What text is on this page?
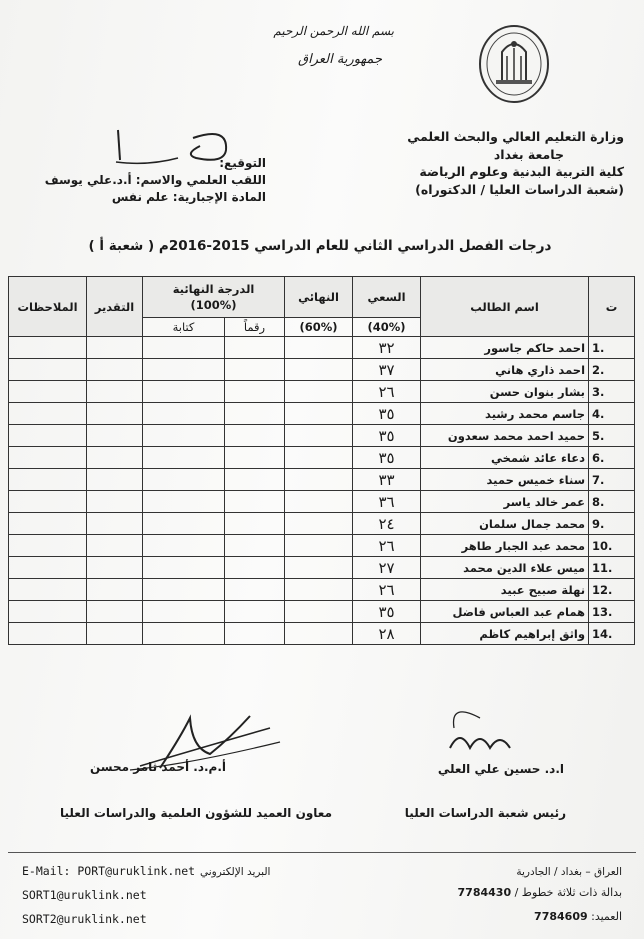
بسم الله الرحمن الرحيم
جمهورية العراق
وزارة التعليم العالي والبحث العلمي
جامعة بغداد
كلية التربية البدنية وعلوم الرياضة
(شعبة الدراسات العليا / الدكتوراه)
التوقيع:
اللقب العلمي والاسم: أ.د.علي يوسف
المادة الإجبارية: علم نفس
درجات الفصل الدراسي الثاني للعام الدراسي 2015-2016م ( شعبة أ )
ت	اسم الطالب	السعي	النهائي	الدرجة النهائية
(100%)		التقدير	الملاحظات
		(40%)	(60%)	رقماً	كتابة		
1.	احمد حاكم جاسور	٣٢					
2.	احمد ذاري هاني	٣٧					
3.	بشار بنوان حسن	٢٦					
4.	جاسم محمد رشيد	٣٥					
5.	حميد احمد محمد سعدون	٣٥					
6.	دعاء عائد شمخي	٣٥					
7.	سناء خميس حميد	٣٣					
8.	عمر خالد ياسر	٣٦					
9.	محمد جمال سلمان	٢٤					
10.	محمد عبد الجبار طاهر	٢٦					
11.	ميس علاء الدين محمد	٢٧					
12.	نهلة صبيح عبيد	٢٦					
13.	همام عبد العباس فاضل	٣٥					
14.	واثق إبراهيم كاظم	٢٨					
أ.م.د. أحمد ثامر محسن	ا.د. حسين علي العلي
معاون العميد للشؤون العلمية والدراسات العليا	رئيس شعبة الدراسات العليا
E-Mail: PORT@uruklink.net البريد الإلكتروني
SORT1@uruklink.net
SORT2@uruklink.net
العراق – بغداد / الجادرية
بدالة ذات ثلاثة خطوط / 7784430
العميد: 7784609
